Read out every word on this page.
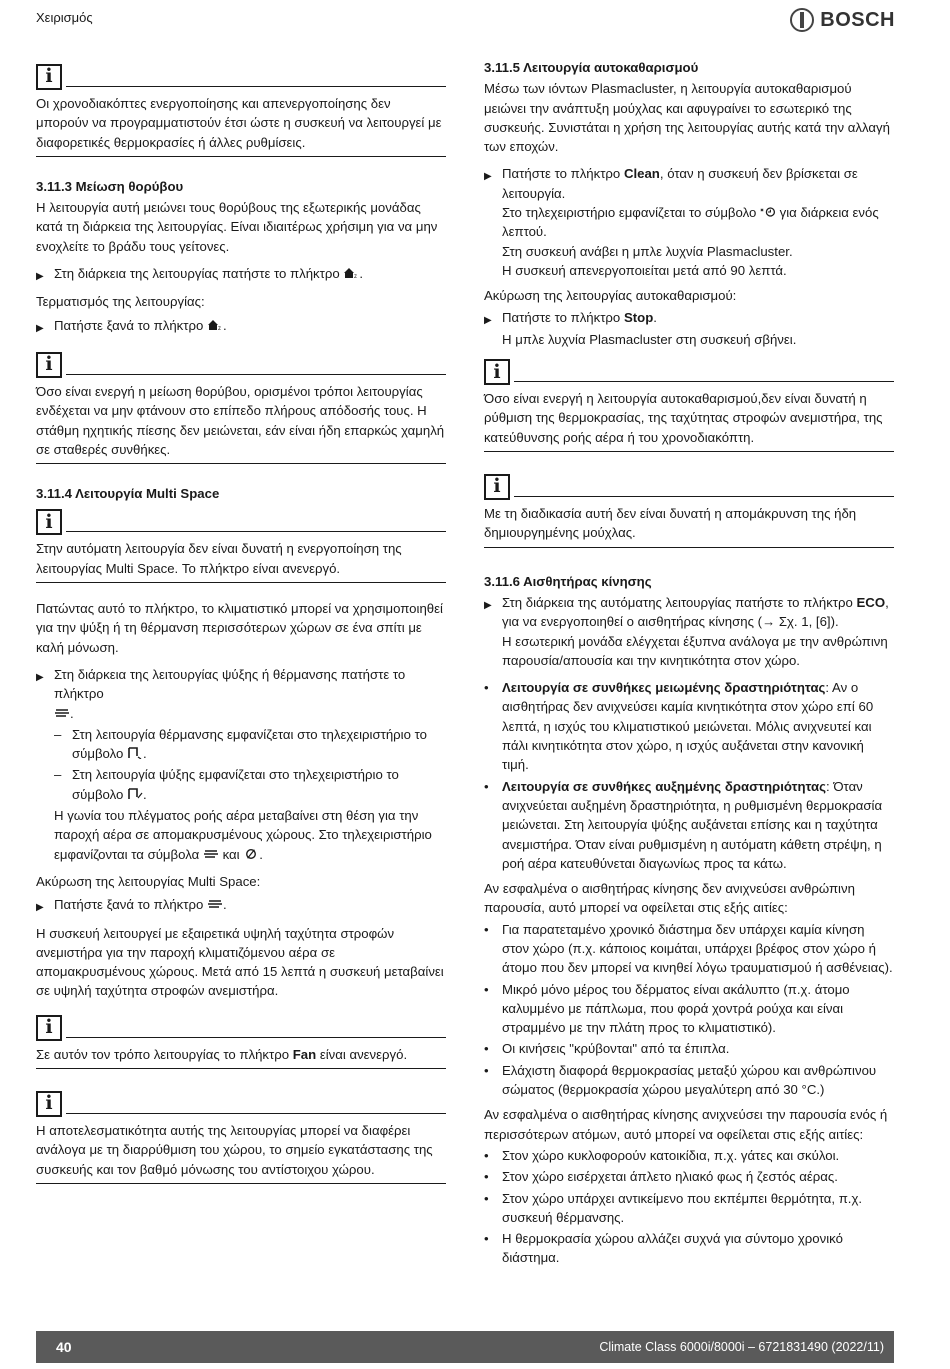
Χειρισμός	BOSCH
i
Οι χρονοδιακόπτες ενεργοποίησης και απενεργοποίησης δεν μπορούν να προγραμματιστούν έτσι ώστε η συσκευή να λειτουργεί με διαφορετικές θερμοκρασίες ή άλλες ρυθμίσεις.
3.11.3 Μείωση θορύβου

Η λειτουργία αυτή μειώνει τους θορύβους της εξωτερικής μονάδας κατά τη διάρκεια της λειτουργίας. Είναι ιδιαιτέρως χρήσιμη για να μην ενοχλείτε το βράδυ τους γείτονες.

▶ Στη διάρκεια της λειτουργίας πατήστε το πλήκτρο z .

Τερματισμός της λειτουργίας:

▶ Πατήστε ξανά το πλήκτρο z .
i
Όσο είναι ενεργή η μείωση θορύβου, ορισμένοι τρόποι λειτουργίας ενδέχεται να μην φτάνουν στο επίπεδο πλήρους απόδοσής τους. Η στάθμη ηχητικής πίεσης δεν μειώνεται, εάν είναι ήδη επαρκώς χαμηλή σε σταθερές συνθήκες.
3.11.4 Λειτουργία Multi Space
i
Στην αυτόματη λειτουργία δεν είναι δυνατή η ενεργοποίηση της λειτουργίας Multi Space. Το πλήκτρο είναι ανενεργό.

Πατώντας αυτό το πλήκτρο, το κλιματιστικό μπορεί να χρησιμοποιηθεί για την ψύξη ή τη θέρμανση περισσότερων χώρων σε ένα σπίτι με καλή μόνωση.

▶ Στη διάρκεια της λειτουργίας ψύξης ή θέρμανσης πατήστε το πλήκτρο
.
– Στη λειτουργία θέρμανσης εμφανίζεται στο τηλεχειριστήριο το σύμβολο .
– Στη λειτουργία ψύξης εμφανίζεται στο τηλεχειριστήριο το σύμβολο .

Η γωνία του πλέγματος ροής αέρα μεταβαίνει στη θέση για την παροχή αέρα σε απομακρυσμένους χώρους. Στο τηλεχειριστήριο εμφανίζονται τα σύμβολα και .

Ακύρωση της λειτουργίας Multi Space:

▶ Πατήστε ξανά το πλήκτρο .

Η συσκευή λειτουργεί με εξαιρετικά υψηλή ταχύτητα στροφών ανεμιστήρα για την παροχή κλιματιζόμενου αέρα σε απομακρυσμένους χώρους. Μετά από 15 λεπτά η συσκευή μεταβαίνει σε υψηλή ταχύτητα στροφών ανεμιστήρα.

i
Σε αυτόν τον τρόπο λειτουργίας το πλήκτρο Fan είναι ανενεργό.
i
Η αποτελεσματικότητα αυτής της λειτουργίας μπορεί να διαφέρει ανάλογα με τη διαρρύθμιση του χώρου, το σημείο εγκατάστασης της συσκευής και τον βαθμό μόνωσης του αντίστοιχου χώρου.
3.11.5 Λειτουργία αυτοκαθαρισμού

Μέσω των ιόντων Plasmacluster, η λειτουργία αυτοκαθαρισμού μειώνει την ανάπτυξη μούχλας και αφυγραίνει το εσωτερικό της συσκευής. Συνιστάται η χρήση της λειτουργίας αυτής κατά την αλλαγή των εποχών.

▶ Πατήστε το πλήκτρο Clean, όταν η συσκευή δεν βρίσκεται σε λειτουργία.
Στο τηλεχειριστήριο εμφανίζεται το σύμβολο για διάρκεια ενός λεπτού.
Στη συσκευή ανάβει η μπλε λυχνία Plasmacluster.
Η συσκευή απενεργοποιείται μετά από 90 λεπτά.

Ακύρωση της λειτουργίας αυτοκαθαρισμού:

▶ Πατήστε το πλήκτρο Stop.
Η μπλε λυχνία Plasmacluster στη συσκευή σβήνει.
i
Όσο είναι ενεργή η λειτουργία αυτοκαθαρισμού,δεν είναι δυνατή η ρύθμιση της θερμοκρασίας, της ταχύτητας στροφών ανεμιστήρα, της κατεύθυνσης ροής αέρα ή του χρονοδιακόπτη.
i
Με τη διαδικασία αυτή δεν είναι δυνατή η απομάκρυνση της ήδη δημιουργημένης μούχλας.
3.11.6 Αισθητήρας κίνησης
▶ Στη διάρκεια της αυτόματης λειτουργίας πατήστε το πλήκτρο ECO, για να ενεργοποιηθεί ο αισθητήρας κίνησης (→ Σχ. 1, [6]).
Η εσωτερική μονάδα ελέγχεται έξυπνα ανάλογα με την ανθρώπινη παρουσία/απουσία και την κινητικότητα στον χώρο.
•	Λειτουργία σε συνθήκες μειωμένης δραστηριότητας: Αν ο αισθητήρας δεν ανιχνεύσει καμία κινητικότητα στον χώρο επί 60 λεπτά, η ισχύς του κλιματιστικού μειώνεται. Μόλις ανιχνευτεί και πάλι κινητικότητα στον χώρο, η ισχύς αυξάνεται στην κανονική τιμή.
•	Λειτουργία σε συνθήκες αυξημένης δραστηριότητας: Όταν ανιχνεύεται αυξημένη δραστηριότητα, η ρυθμισμένη θερμοκρασία μειώνεται. Στη λειτουργία ψύξης αυξάνεται επίσης και η ταχύτητα ανεμιστήρα. Όταν είναι ρυθμισμένη η αυτόματη κάθετη στρέψη, η ροή αέρα κατευθύνεται διαγωνίως προς τα κάτω.

Αν εσφαλμένα ο αισθητήρας κίνησης δεν ανιχνεύσει ανθρώπινη παρουσία, αυτό μπορεί να οφείλεται στις εξής αιτίες:

•	Για παρατεταμένο χρονικό διάστημα δεν υπάρχει καμία κίνηση στον χώρο (π.χ. κάποιος κοιμάται, υπάρχει βρέφος στον χώρο ή άτομο που δεν μπορεί να κινηθεί λόγω τραυματισμού ή ασθένειας).
•	Μικρό μόνο μέρος του δέρματος είναι ακάλυπτο (π.χ. άτομο καλυμμένο με πάπλωμα, που φορά χοντρά ρούχα και είναι στραμμένο με την πλάτη προς το κλιματιστικό).
•	Οι κινήσεις "κρύβονται" από τα έπιπλα.
•	Ελάχιστη διαφορά θερμοκρασίας μεταξύ χώρου και ανθρώπινου σώματος (θερμοκρασία χώρου μεγαλύτερη από 30 °C.)

Αν εσφαλμένα ο αισθητήρας κίνησης ανιχνεύσει την παρουσία ενός ή περισσότερων ατόμων, αυτό μπορεί να οφείλεται στις εξής αιτίες:

•	Στον χώρο κυκλοφορούν κατοικίδια, π.χ. γάτες και σκύλοι.
•	Στον χώρο εισέρχεται άπλετο ηλιακό φως ή ζεστός αέρας.
•	Στον χώρο υπάρχει αντικείμενο που εκπέμπει θερμότητα, π.χ. συσκευή θέρμανσης.
•	Η θερμοκρασία χώρου αλλάζει συχνά για σύντομο χρονικό διάστημα.
40	Climate Class 6000i/8000i – 6721831490 (2022/11)
